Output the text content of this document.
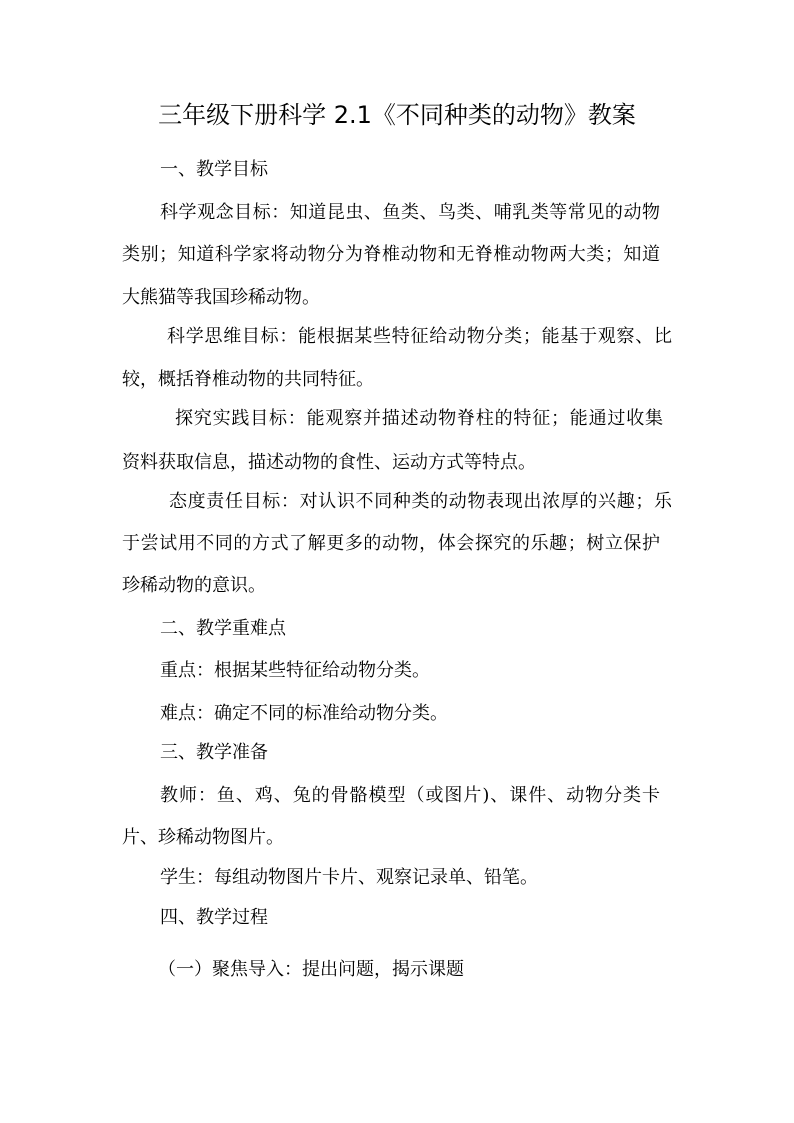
三年级下册科学 2.1《不同种类的动物》教案

一、教学目标

科学观念目标：知道昆虫、鱼类、鸟类、哺乳类等常见的动物

类别；知道科学家将动物分为脊椎动物和无脊椎动物两大类；知道

大熊猫等我国珍稀动物。

科学思维目标：能根据某些特征给动物分类；能基于观察、比

较，概括脊椎动物的共同特征。

探究实践目标：能观察并描述动物脊柱的特征；能通过收集

资料获取信息，描述动物的食性、运动方式等特点。

态度责任目标：对认识不同种类的动物表现出浓厚的兴趣；乐

于尝试用不同的方式了解更多的动物，体会探究的乐趣；树立保护

珍稀动物的意识。

二、教学重难点

重点：根据某些特征给动物分类。

难点：确定不同的标准给动物分类。

三、教学准备

教师：鱼、鸡、兔的骨骼模型（或图片)、课件、动物分类卡

片、珍稀动物图片。

学生：每组动物图片卡片、观察记录单、铅笔。

四、教学过程

（一）聚焦导入：提出问题，揭示课题
